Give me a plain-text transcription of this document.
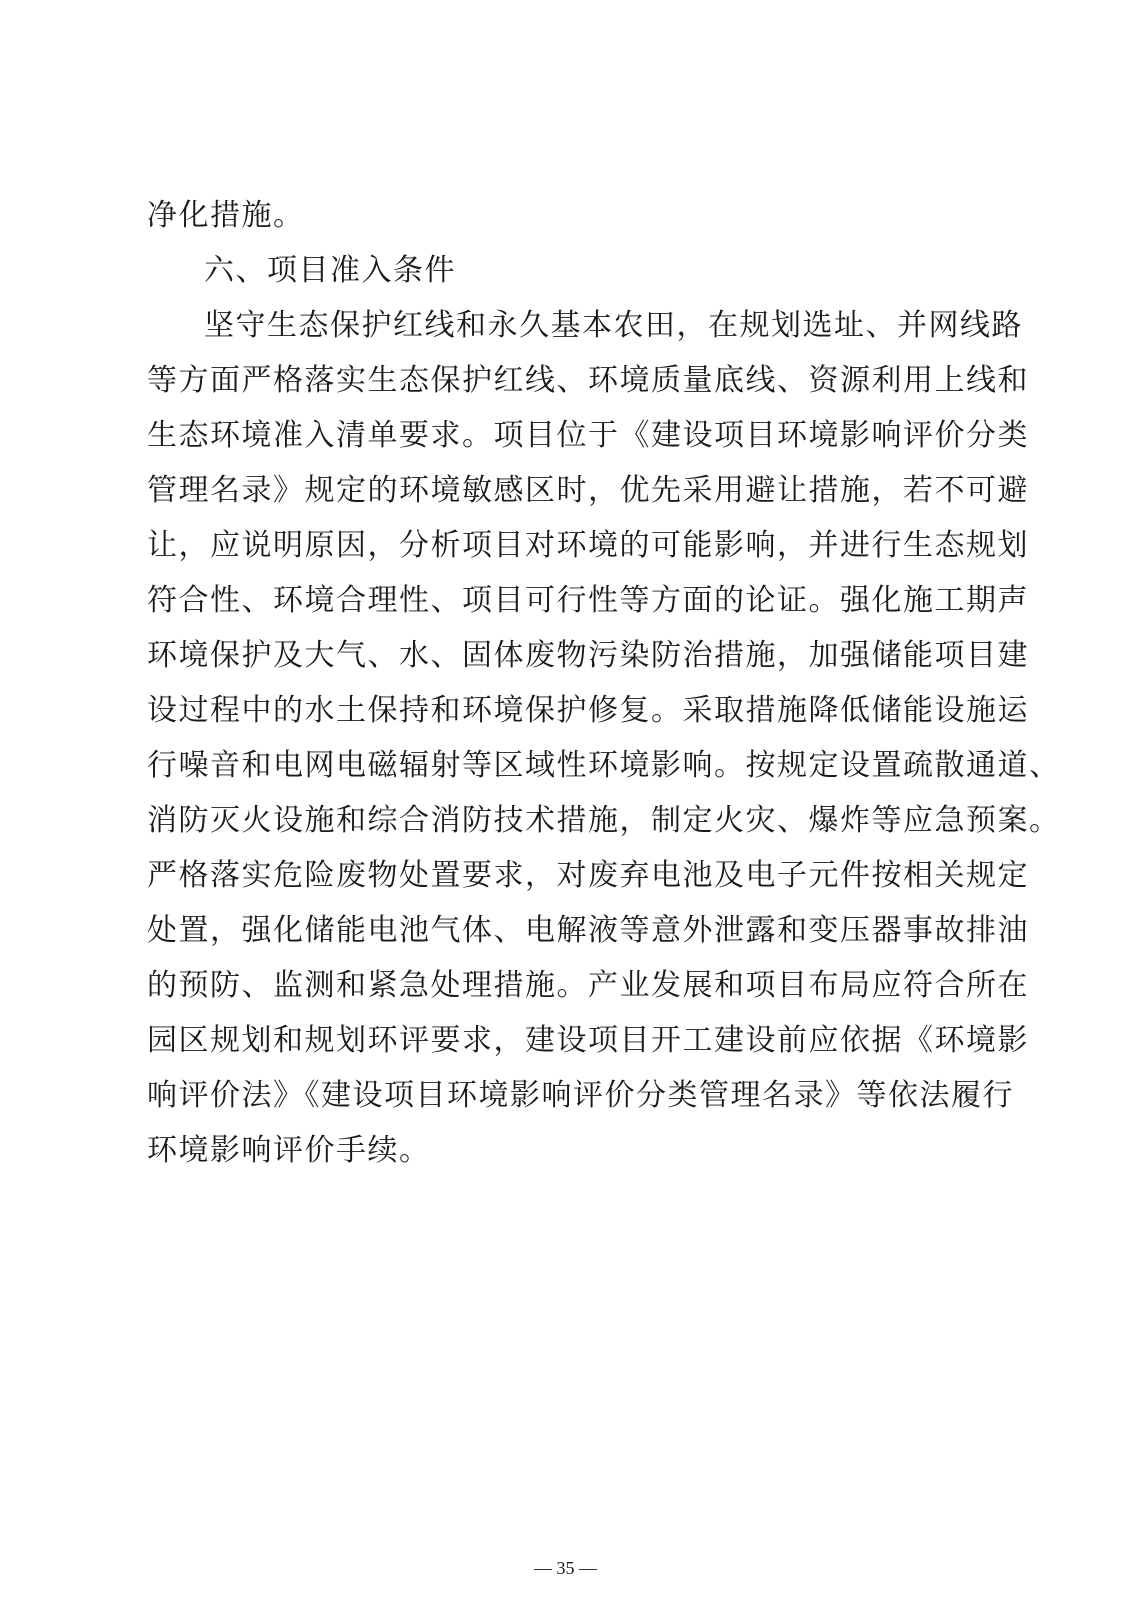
净化措施。
六、项目准入条件
坚守生态保护红线和永久基本农田，在规划选址、并网线路
等方面严格落实生态保护红线、环境质量底线、资源利用上线和
生态环境准入清单要求。项目位于《建设项目环境影响评价分类
管理名录》规定的环境敏感区时，优先采用避让措施，若不可避
让，应说明原因，分析项目对环境的可能影响，并进行生态规划
符合性、环境合理性、项目可行性等方面的论证。强化施工期声
环境保护及大气、水、固体废物污染防治措施，加强储能项目建
设过程中的水土保持和环境保护修复。采取措施降低储能设施运
行噪音和电网电磁辐射等区域性环境影响。按规定设置疏散通道、
消防灭火设施和综合消防技术措施，制定火灾、爆炸等应急预案。
严格落实危险废物处置要求，对废弃电池及电子元件按相关规定
处置，强化储能电池气体、电解液等意外泄露和变压器事故排油
的预防、监测和紧急处理措施。产业发展和项目布局应符合所在
园区规划和规划环评要求，建设项目开工建设前应依据《环境影
响评价法》《建设项目环境影响评价分类管理名录》等依法履行
环境影响评价手续。
— 35 —
